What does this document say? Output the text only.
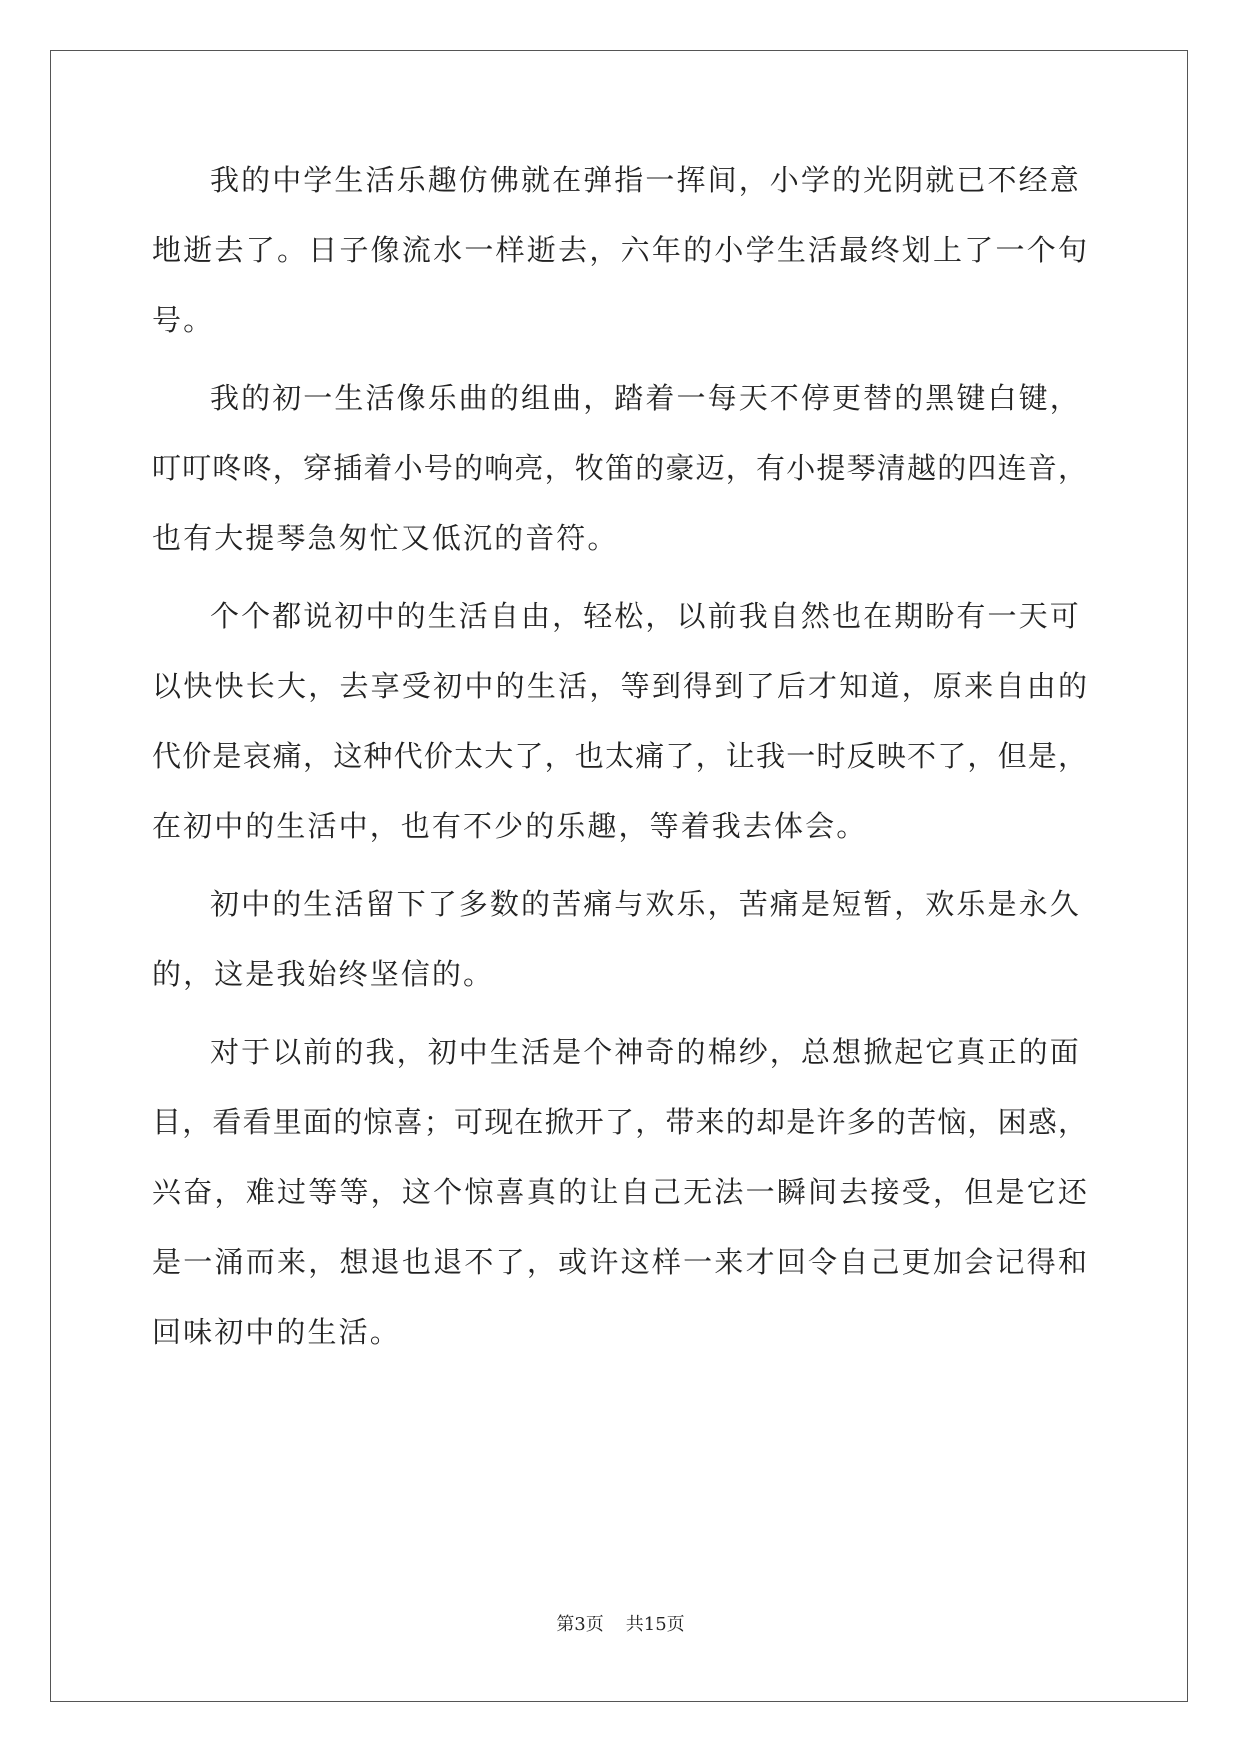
我的中学生活乐趣仿佛就在弹指一挥间，小学的光阴就已不经意
地逝去了。日子像流水一样逝去，六年的小学生活最终划上了一个句
号。
我的初一生活像乐曲的组曲，踏着一每天不停更替的黑键白键，
叮叮咚咚，穿插着小号的响亮，牧笛的豪迈，有小提琴清越的四连音，
也有大提琴急匆忙又低沉的音符。
个个都说初中的生活自由，轻松，以前我自然也在期盼有一天可
以快快长大，去享受初中的生活，等到得到了后才知道，原来自由的
代价是哀痛，这种代价太大了，也太痛了，让我一时反映不了，但是，
在初中的生活中，也有不少的乐趣，等着我去体会。
初中的生活留下了多数的苦痛与欢乐，苦痛是短暂，欢乐是永久
的，这是我始终坚信的。
对于以前的我，初中生活是个神奇的棉纱，总想掀起它真正的面
目，看看里面的惊喜；可现在掀开了，带来的却是许多的苦恼，困惑，
兴奋，难过等等，这个惊喜真的让自己无法一瞬间去接受，但是它还
是一涌而来，想退也退不了，或许这样一来才回令自己更加会记得和
回味初中的生活。
第3页 共15页
